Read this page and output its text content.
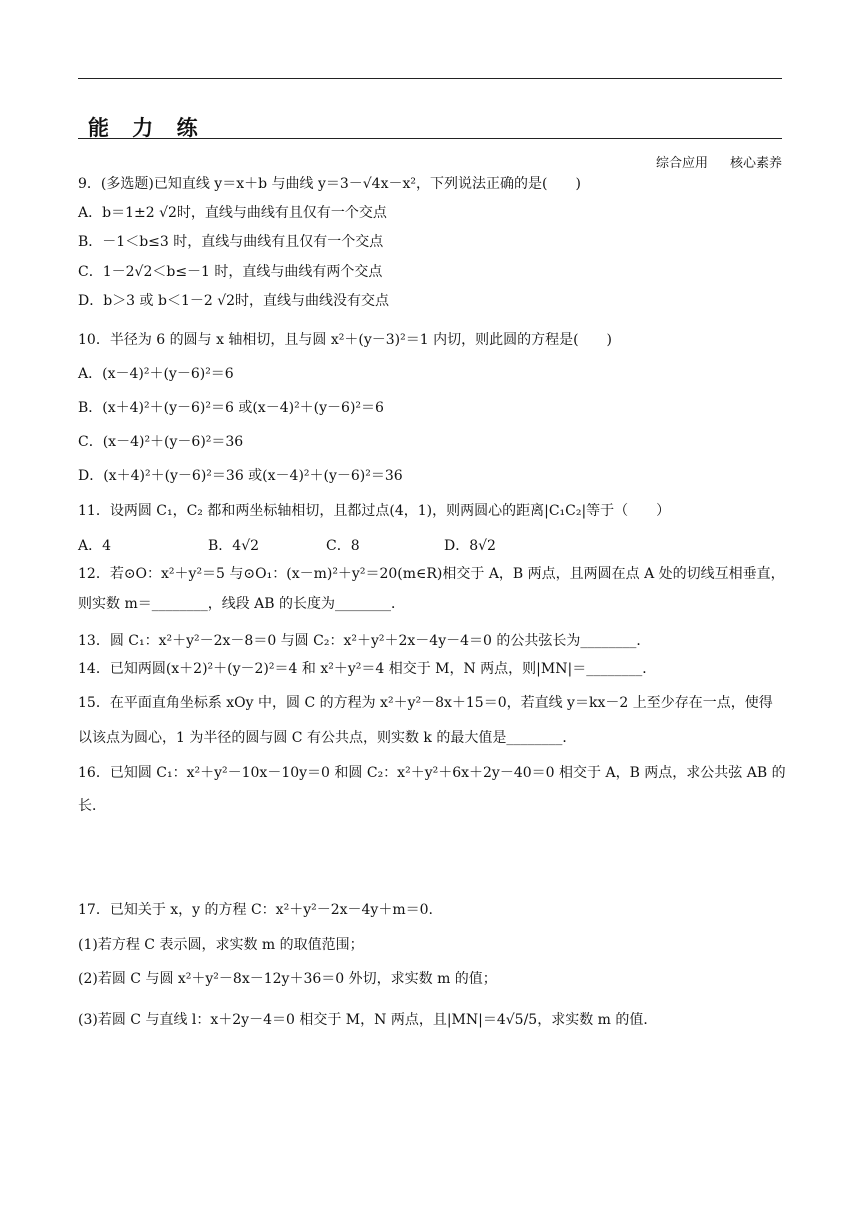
能 力 练
综合应用 核心素养
9．(多选题)已知直线 y＝x＋b 与曲线 y＝3－√4x－x²，下列说法正确的是(　　)
A．b＝1±2 √2时，直线与曲线有且仅有一个交点
B．－1＜b≤3 时，直线与曲线有且仅有一个交点
C．1－2√2＜b≤－1 时，直线与曲线有两个交点
D．b＞3 或 b＜1－2 √2时，直线与曲线没有交点
10．半径为 6 的圆与 x 轴相切，且与圆 x²＋(y－3)²＝1 内切，则此圆的方程是(　　)
A．(x－4)²＋(y－6)²＝6
B．(x＋4)²＋(y－6)²＝6 或(x－4)²＋(y－6)²＝6
C．(x－4)²＋(y－6)²＝36
D．(x＋4)²＋(y－6)²＝36 或(x－4)²＋(y－6)²＝36
11．设两圆 C₁，C₂ 都和两坐标轴相切，且都过点(4，1)，则两圆心的距离|C₁C₂|等于（　　）
A．4	B．4√2	C．8	D．8√2
12．若⊙O：x²＋y²＝5 与⊙O₁：(x－m)²＋y²＝20(m∈R)相交于 A，B 两点，且两圆在点 A 处的切线互相垂直，
则实数 m＝________，线段 AB 的长度为________．
13．圆 C₁：x²＋y²－2x－8＝0 与圆 C₂：x²＋y²＋2x－4y－4＝0 的公共弦长为________．
14．已知两圆(x＋2)²＋(y－2)²＝4 和 x²＋y²＝4 相交于 M，N 两点，则|MN|＝________．
15．在平面直角坐标系 xOy 中，圆 C 的方程为 x²＋y²－8x＋15＝0，若直线 y＝kx－2 上至少存在一点，使得
以该点为圆心，1 为半径的圆与圆 C 有公共点，则实数 k 的最大值是________．
16．已知圆 C₁：x²＋y²－10x－10y＝0 和圆 C₂：x²＋y²＋6x＋2y－40＝0 相交于 A，B 两点，求公共弦 AB 的
长．
17．已知关于 x，y 的方程 C：x²＋y²－2x－4y＋m＝0.
(1)若方程 C 表示圆，求实数 m 的取值范围；
(2)若圆 C 与圆 x²＋y²－8x－12y＋36＝0 外切，求实数 m 的值；
(3)若圆 C 与直线 l：x＋2y－4＝0 相交于 M，N 两点，且|MN|＝4√5/5，求实数 m 的值．
